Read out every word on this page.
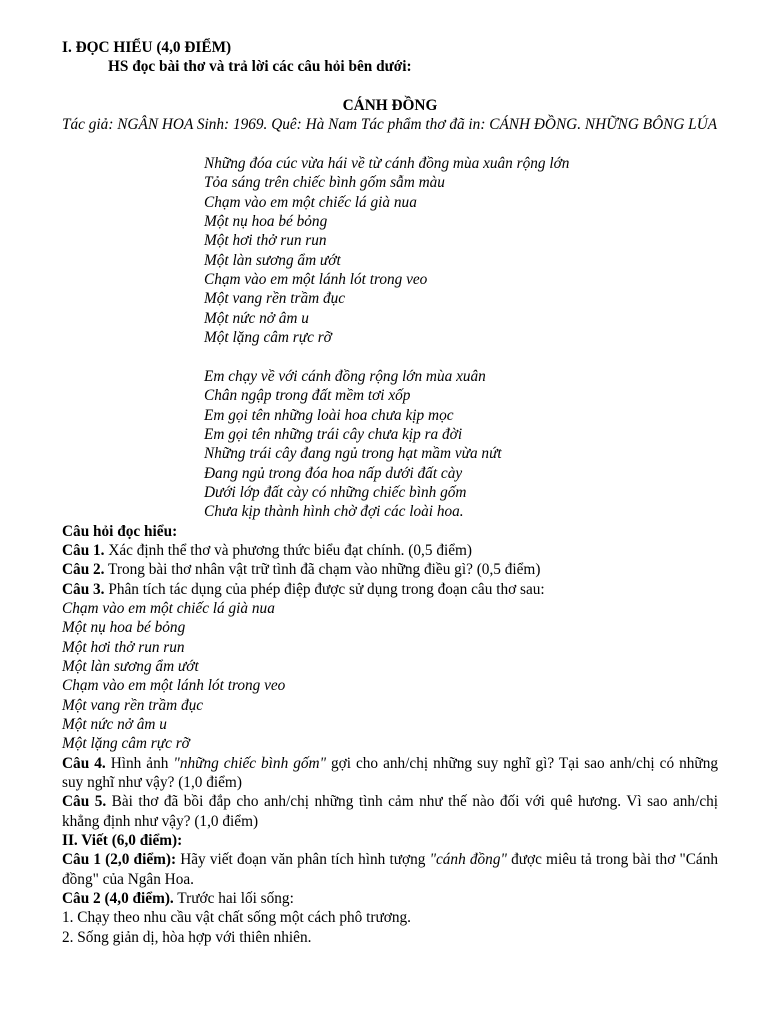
I. ĐỌC HIỂU (4,0 ĐIỂM)

HS đọc bài thơ và trả lời các câu hỏi bên dưới:

CÁNH ĐỒNG

Tác giả: NGÂN HOA Sinh: 1969. Quê: Hà Nam Tác phẩm thơ đã in: CÁNH ĐỒNG. NHỮNG BÔNG LÚA

Những đóa cúc vừa hái về từ cánh đồng mùa xuân rộng lớn

Tỏa sáng trên chiếc bình gốm sẫm màu

Chạm vào em một chiếc lá già nua

Một nụ hoa bé bỏng

Một hơi thở run run

Một làn sương ẩm ướt

Chạm vào em một lánh lót trong veo

Một vang rền trầm đục

Một nức nở âm u

Một lặng câm rực rỡ

Em chạy về với cánh đồng rộng lớn mùa xuân

Chân ngập trong đất mềm tơi xốp

Em gọi tên những loài hoa chưa kịp mọc

Em gọi tên những trái cây chưa kịp ra đời

Những trái cây đang ngủ trong hạt mầm vừa nứt

Đang ngủ trong đóa hoa nấp dưới đất cày

Dưới lớp đất cày có những chiếc bình gốm

Chưa kịp thành hình chờ đợi các loài hoa.

Câu hỏi đọc hiểu:

Câu 1. Xác định thể thơ và phương thức biểu đạt chính. (0,5 điểm)

Câu 2. Trong bài thơ nhân vật trữ tình đã chạm vào những điều gì? (0,5 điểm)

Câu 3. Phân tích tác dụng của phép điệp được sử dụng trong đoạn câu thơ sau:

Chạm vào em một chiếc lá già nua

Một nụ hoa bé bỏng

Một hơi thở run run

Một làn sương ẩm ướt

Chạm vào em một lánh lót trong veo

Một vang rền trầm đục

Một nức nở âm u

Một lặng câm rực rỡ

Câu 4. Hình ảnh "những chiếc bình gốm" gợi cho anh/chị những suy nghĩ gì? Tại sao anh/chị có những suy nghĩ như vậy? (1,0 điểm)

Câu 5. Bài thơ đã bồi đắp cho anh/chị những tình cảm như thế nào đối với quê hương. Vì sao anh/chị khẳng định như vậy? (1,0 điểm)

II. Viết (6,0 điểm):

Câu 1 (2,0 điểm): Hãy viết đoạn văn phân tích hình tượng "cánh đồng" được miêu tả trong bài thơ "Cánh đồng" của Ngân Hoa.

Câu 2 (4,0 điểm). Trước hai lối sống:

1. Chạy theo nhu cầu vật chất sống một cách phô trương.

2. Sống giản dị, hòa hợp với thiên nhiên.
